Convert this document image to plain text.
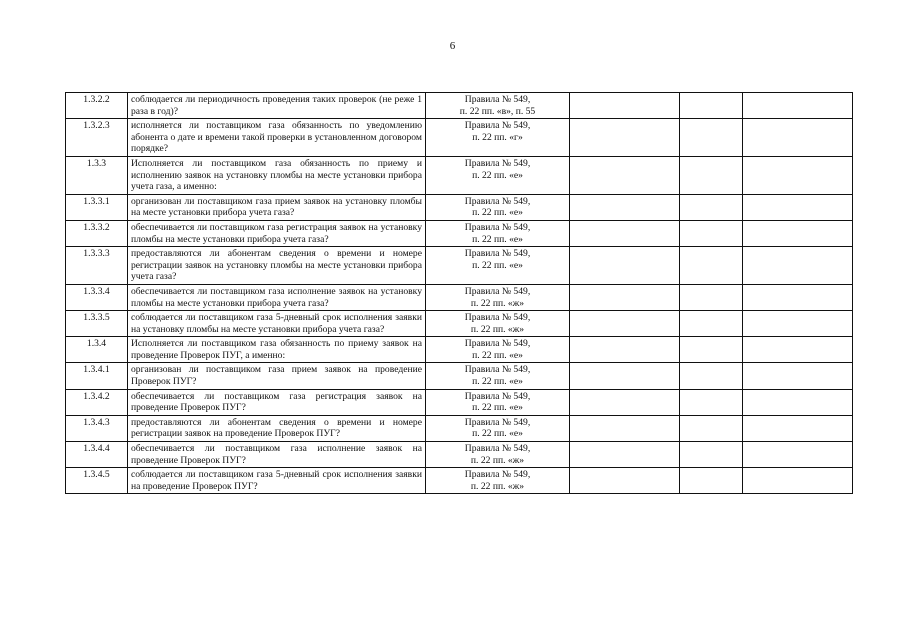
6
1.3.2.2	соблюдается ли периодичность проведения таких проверок (не реже 1 раза в год)?	Правила № 549,
п. 22 пп. «в», п. 55			

1.3.2.3	исполняется ли поставщиком газа обязанность по уведомлению абонента о дате и времени такой проверки в установленном договором порядке?	Правила № 549,
п. 22 пп. «г»			

1.3.3	Исполняется ли поставщиком газа обязанность по приему и исполнению заявок на установку пломбы на месте установки прибора учета газа, а именно:	Правила № 549,
п. 22 пп. «е»			

1.3.3.1	организован ли поставщиком газа прием заявок на установку пломбы на месте установки прибора учета газа?	Правила № 549,
п. 22 пп. «е»			

1.3.3.2	обеспечивается ли поставщиком газа регистрация заявок на установку пломбы на месте установки прибора учета газа?	Правила № 549,
п. 22 пп. «е»			

1.3.3.3	предоставляются ли абонентам сведения о времени и номере регистрации заявок на установку пломбы на месте установки прибора учета газа?	Правила № 549,
п. 22 пп. «е»			

1.3.3.4	обеспечивается ли поставщиком газа исполнение заявок на установку пломбы на месте установки прибора учета газа?	Правила № 549,
п. 22 пп. «ж»			

1.3.3.5	соблюдается ли поставщиком газа 5-дневный срок исполнения заявки на установку пломбы на месте установки прибора учета газа?	Правила № 549,
п. 22 пп. «ж»			

1.3.4	Исполняется ли поставщиком газа обязанность по приему заявок на проведение Проверок ПУГ, а именно:	Правила № 549,
п. 22 пп. «е»			

1.3.4.1	организован ли поставщиком газа прием заявок на проведение Проверок ПУГ?	Правила № 549,
п. 22 пп. «е»			

1.3.4.2	обеспечивается ли поставщиком газа регистрация заявок на проведение Проверок ПУГ?	Правила № 549,
п. 22 пп. «е»			

1.3.4.3	предоставляются ли абонентам сведения о времени и номере регистрации заявок на проведение Проверок ПУГ?	Правила № 549,
п. 22 пп. «е»			

1.3.4.4	обеспечивается ли поставщиком газа исполнение заявок на проведение Проверок ПУГ?	Правила № 549,
п. 22 пп. «ж»			

1.3.4.5	соблюдается ли поставщиком газа 5-дневный срок исполнения заявки на проведение Проверок ПУГ?	Правила № 549,
п. 22 пп. «ж»			
